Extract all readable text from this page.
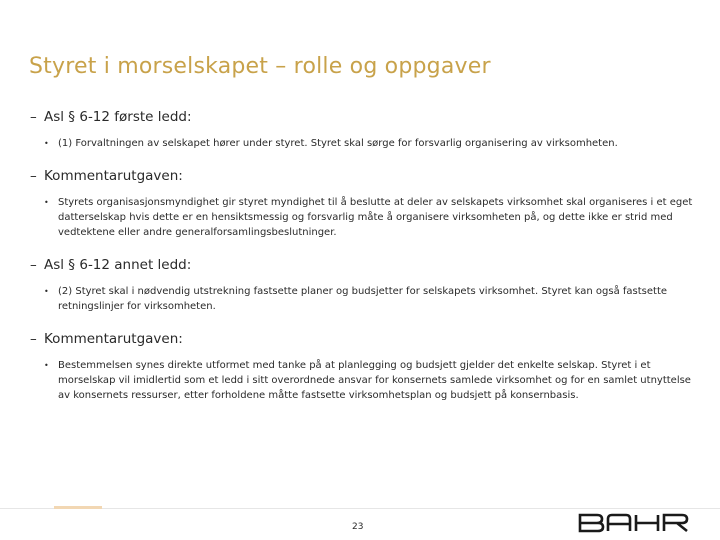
Styret i morselskapet – rolle og oppgaver
– Asl § 6-12 første ledd:
• (1) Forvaltningen av selskapet hører under styret. Styret skal sørge for forsvarlig organisering av virksomheten.
– Kommentarutgaven:
• Styrets organisasjonsmyndighet gir styret myndighet til å beslutte at deler av selskapets virksomhet skal organiseres i et eget datterselskap hvis dette er en hensiktsmessig og forsvarlig måte å organisere virksomheten på, og dette ikke er strid med vedtektene eller andre generalforsamlingsbeslutninger.
– Asl § 6-12 annet ledd:
• (2) Styret skal i nødvendig utstrekning fastsette planer og budsjetter for selskapets virksomhet. Styret kan også fastsette retningslinjer for virksomheten.
– Kommentarutgaven:
• Bestemmelsen synes direkte utformet med tanke på at planlegging og budsjett gjelder det enkelte selskap. Styret i et morselskap vil imidlertid som et ledd i sitt overordnede ansvar for konsernets samlede virksomhet og for en samlet utnyttelse av konsernets ressurser, etter forholdene måtte fastsette virksomhetsplan og budsjett på konsernbasis.
23
